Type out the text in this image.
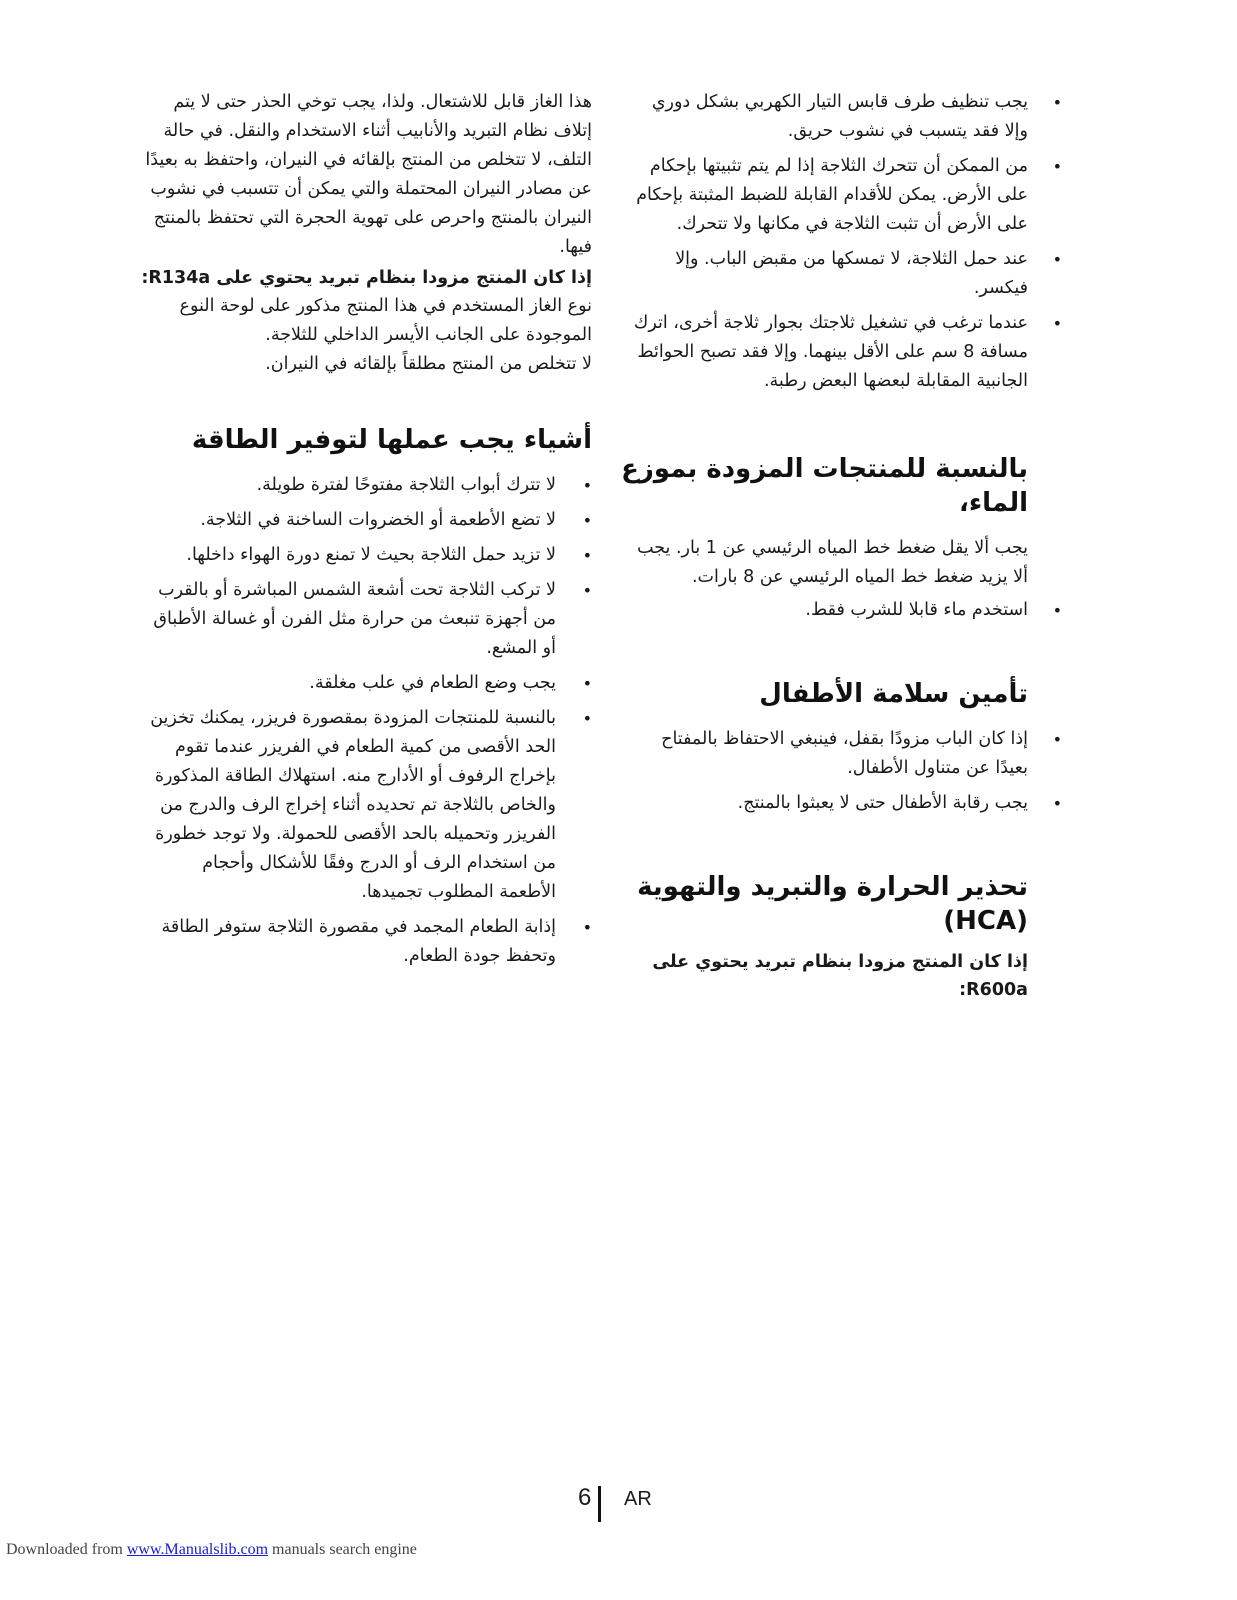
• يجب تنظيف طرف قابس التيار الكهربي بشكل دوري وإلا فقد يتسبب في نشوب حريق.
• من الممكن أن تتحرك الثلاجة إذا لم يتم تثبيتها بإحكام على الأرض. يمكن للأقدام القابلة للضبط المثبتة بإحكام على الأرض أن تثبت الثلاجة في مكانها ولا تتحرك.
• عند حمل الثلاجة، لا تمسكها من مقبض الباب. وإلا فيكسر.
• عندما ترغب في تشغيل ثلاجتك بجوار ثلاجة أخرى، اترك مسافة 8 سم على الأقل بينهما. وإلا فقد تصبح الحوائط الجانبية المقابلة لبعضها البعض رطبة.
بالنسبة للمنتجات المزودة بموزع الماء،

يجب ألا يقل ضغط خط المياه الرئيسي عن 1 بار. يجب ألا يزيد ضغط خط المياه الرئيسي عن 8 بارات.

• استخدم ماء قابلا للشرب فقط.
تأمين سلامة الأطفال
• إذا كان الباب مزودًا بقفل، فينبغي الاحتفاظ بالمفتاح بعيدًا عن متناول الأطفال.
• يجب رقابة الأطفال حتى لا يعبثوا بالمنتج.
تحذير الحرارة والتبريد والتهوية (HCA)

إذا كان المنتج مزودا بنظام تبريد يحتوي على R600a:

هذا الغاز قابل للاشتعال. ولذا، يجب توخي الحذر حتى لا يتم إتلاف نظام التبريد والأنابيب أثناء الاستخدام والنقل. في حالة التلف، لا تتخلص من المنتج بإلقائه في النيران، واحتفظ به بعيدًا عن مصادر النيران المحتملة والتي يمكن أن تتسبب في نشوب النيران بالمنتج واحرص على تهوية الحجرة التي تحتفظ بالمنتج فيها.

إذا كان المنتج مزودا بنظام تبريد يحتوي على R134a:

نوع الغاز المستخدم في هذا المنتج مذكور على لوحة النوع الموجودة على الجانب الأيسر الداخلي للثلاجة.

لا تتخلص من المنتج مطلقاً بإلقائه في النيران.

أشياء يجب عملها لتوفير الطاقة
• لا تترك أبواب الثلاجة مفتوحًا لفترة طويلة.
• لا تضع الأطعمة أو الخضروات الساخنة في الثلاجة.
• لا تزيد حمل الثلاجة بحيث لا تمنع دورة الهواء داخلها.
• لا تركب الثلاجة تحت أشعة الشمس المباشرة أو بالقرب من أجهزة تنبعث من حرارة مثل الفرن أو غسالة الأطباق أو المشع.
• يجب وضع الطعام في علب مغلقة.
• بالنسبة للمنتجات المزودة بمقصورة فريزر، يمكنك تخزين الحد الأقصى من كمية الطعام في الفريزر عندما تقوم بإخراج الرفوف أو الأدارج منه. استهلاك الطاقة المذكورة والخاص بالثلاجة تم تحديده أثناء إخراج الرف والدرج من الفريزر وتحميله بالحد الأقصى للحمولة. ولا توجد خطورة من استخدام الرف أو الدرج وفقًا للأشكال وأحجام الأطعمة المطلوب تجميدها.
• إذابة الطعام المجمد في مقصورة الثلاجة ستوفر الطاقة وتحفظ جودة الطعام.
6 AR
Downloaded from www.Manualslib.com manuals search engine
